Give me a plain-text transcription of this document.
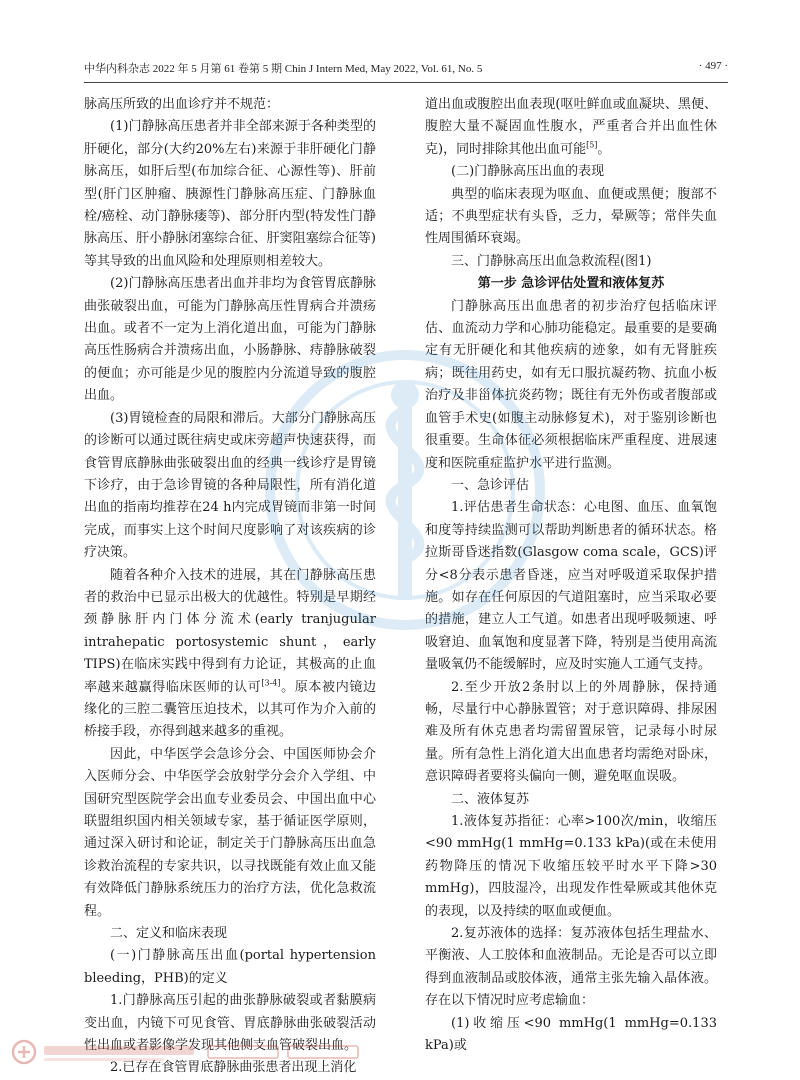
中华内科杂志 2022 年 5 月第 61 卷第 5 期 Chin J Intern Med, May 2022, Vol. 61, No. 5	· 497 ·

脉高压所致的出血诊疗并不规范：

(1)门静脉高压患者并非全部来源于各种类型的肝硬化，部分(大约20%左右)来源于非肝硬化门静脉高压，如肝后型(布加综合征、心源性等)、肝前型(肝门区肿瘤、胰源性门静脉高压症、门静脉血栓/癌栓、动门静脉瘘等)、部分肝内型(特发性门静脉高压、肝小静脉闭塞综合征、肝窦阻塞综合征等)等其导致的出血风险和处理原则相差较大。

(2)门静脉高压患者出血并非均为食管胃底静脉曲张破裂出血，可能为门静脉高压性胃病合并溃疡出血。或者不一定为上消化道出血，可能为门静脉高压性肠病合并溃疡出血，小肠静脉、痔静脉破裂的便血；亦可能是少见的腹腔内分流道导致的腹腔出血。

(3)胃镜检查的局限和滞后。大部分门静脉高压的诊断可以通过既往病史或床旁超声快速获得，而食管胃底静脉曲张破裂出血的经典一线诊疗是胃镜下诊疗，由于急诊胃镜的各种局限性，所有消化道出血的指南均推荐在24 h内完成胃镜而非第一时间完成，而事实上这个时间尺度影响了对该疾病的诊疗决策。

随着各种介入技术的进展，其在门静脉高压患者的救治中已显示出极大的优越性。特别是早期经颈静脉肝内门体分流术(early tranjugular intrahepatic portosystemic shunt，early TIPS)在临床实践中得到有力论证，其极高的止血率越来越赢得临床医师的认可[3-4]。原本被内镜边缘化的三腔二囊管压迫技术，以其可作为介入前的桥接手段，亦得到越来越多的重视。

因此，中华医学会急诊分会、中国医师协会介入医师分会、中华医学会放射学分会介入学组、中国研究型医院学会出血专业委员会、中国出血中心联盟组织国内相关领域专家，基于循证医学原则，通过深入研讨和论证，制定关于门静脉高压出血急诊救治流程的专家共识，以寻找既能有效止血又能有效降低门静脉系统压力的治疗方法，优化急救流程。

二、定义和临床表现

(一)门静脉高压出血(portal hypertension bleeding，PHB)的定义

1.门静脉高压引起的曲张静脉破裂或者黏膜病变出血，内镜下可见食管、胃底静脉曲张破裂活动性出血或者影像学发现其他侧支血管破裂出血。

2.已存在食管胃底静脉曲张患者出现上消化

道出血或腹腔出血表现(呕吐鲜血或血凝块、黑便、腹腔大量不凝固血性腹水，严重者合并出血性休克)，同时排除其他出血可能[5]。

(二)门静脉高压出血的表现

典型的临床表现为呕血、血便或黑便；腹部不适；不典型症状有头昏，乏力，晕厥等；常伴失血性周围循环衰竭。

三、门静脉高压出血急救流程(图1)

第一步 急诊评估处置和液体复苏

门静脉高压出血患者的初步治疗包括临床评估、血流动力学和心肺功能稳定。最重要的是要确定有无肝硬化和其他疾病的迹象，如有无肾脏疾病；既往用药史，如有无口服抗凝药物、抗血小板治疗及非甾体抗炎药物；既往有无外伤或者腹部或血管手术史(如腹主动脉修复术)，对于鉴别诊断也很重要。生命体征必须根据临床严重程度、进展速度和医院重症监护水平进行监测。

一、急诊评估

1.评估患者生命状态：心电图、血压、血氧饱和度等持续监测可以帮助判断患者的循环状态。格拉斯哥昏迷指数(Glasgow coma scale，GCS)评分<8分表示患者昏迷，应当对呼吸道采取保护措施。如存在任何原因的气道阻塞时，应当采取必要的措施，建立人工气道。如患者出现呼吸频速、呼吸窘迫、血氧饱和度显著下降，特别是当使用高流量吸氧仍不能缓解时，应及时实施人工通气支持。

2.至少开放2条肘以上的外周静脉，保持通畅，尽量行中心静脉置管；对于意识障碍、排尿困难及所有休克患者均需留置尿管，记录每小时尿量。所有急性上消化道大出血患者均需绝对卧床，意识障碍者要将头偏向一侧，避免呕血误吸。

二、液体复苏

1.液体复苏指征：心率>100次/min，收缩压<90 mmHg(1 mmHg=0.133 kPa)(或在未使用药物降压的情况下收缩压较平时水平下降>30 mmHg)，四肢湿冷，出现发作性晕厥或其他休克的表现，以及持续的呕血或便血。

2.复苏液体的选择：复苏液体包括生理盐水、平衡液、人工胶体和血液制品。无论是否可以立即得到血液制品或胶体液，通常主张先输入晶体液。存在以下情况时应考虑输血：

(1)收缩压<90 mmHg(1 mmHg=0.133 kPa)或
